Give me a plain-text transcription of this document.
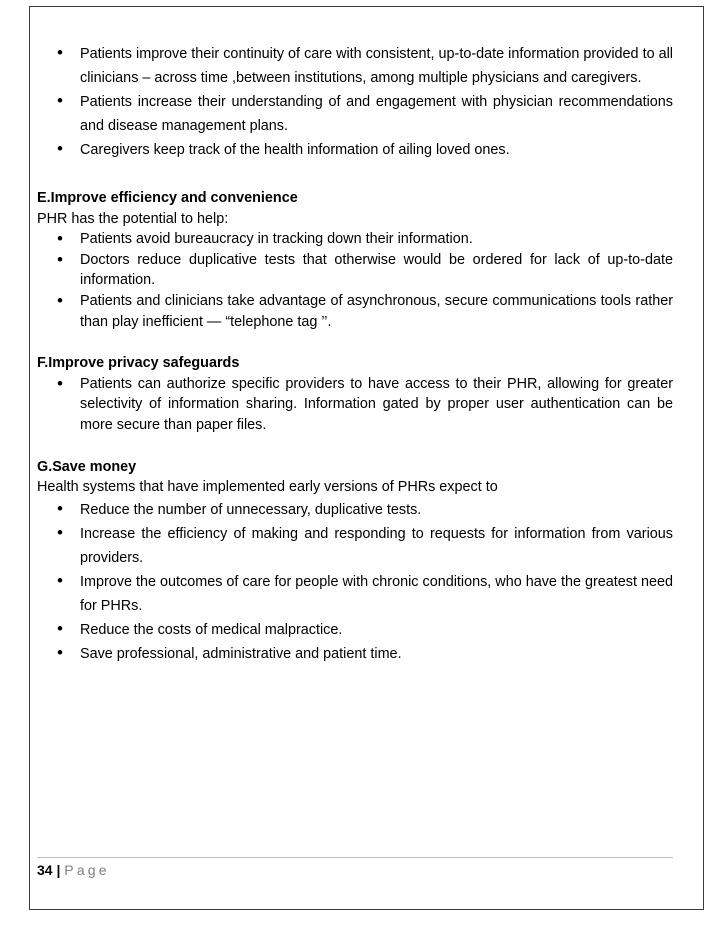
• Patients improve their continuity of care with consistent, up-to-date information provided to all clinicians – across time ,between institutions, among multiple physicians and caregivers.
• Patients increase their understanding of and engagement with physician recommendations and disease management plans.
• Caregivers keep track of the health information of ailing loved ones.
E.Improve efficiency and convenience

PHR has the potential to help:

• Patients avoid bureaucracy in tracking down their information.
• Doctors reduce duplicative tests that otherwise would be ordered for lack of up-to-date information.
• Patients and clinicians take advantage of asynchronous, secure communications tools rather than play inefficient — “telephone tag ’’.
F.Improve privacy safeguards
• Patients can authorize specific providers to have access to their PHR, allowing for greater selectivity of information sharing. Information gated by proper user authentication can be more secure than paper files.
G.Save money

Health systems that have implemented early versions of PHRs expect to

• Reduce the number of unnecessary, duplicative tests.
• Increase the efficiency of making and responding to requests for information from various providers.
• Improve the outcomes of care for people with chronic conditions, who have the greatest need for PHRs.
• Reduce the costs of medical malpractice.
• Save professional, administrative and patient time.
34 | Page
